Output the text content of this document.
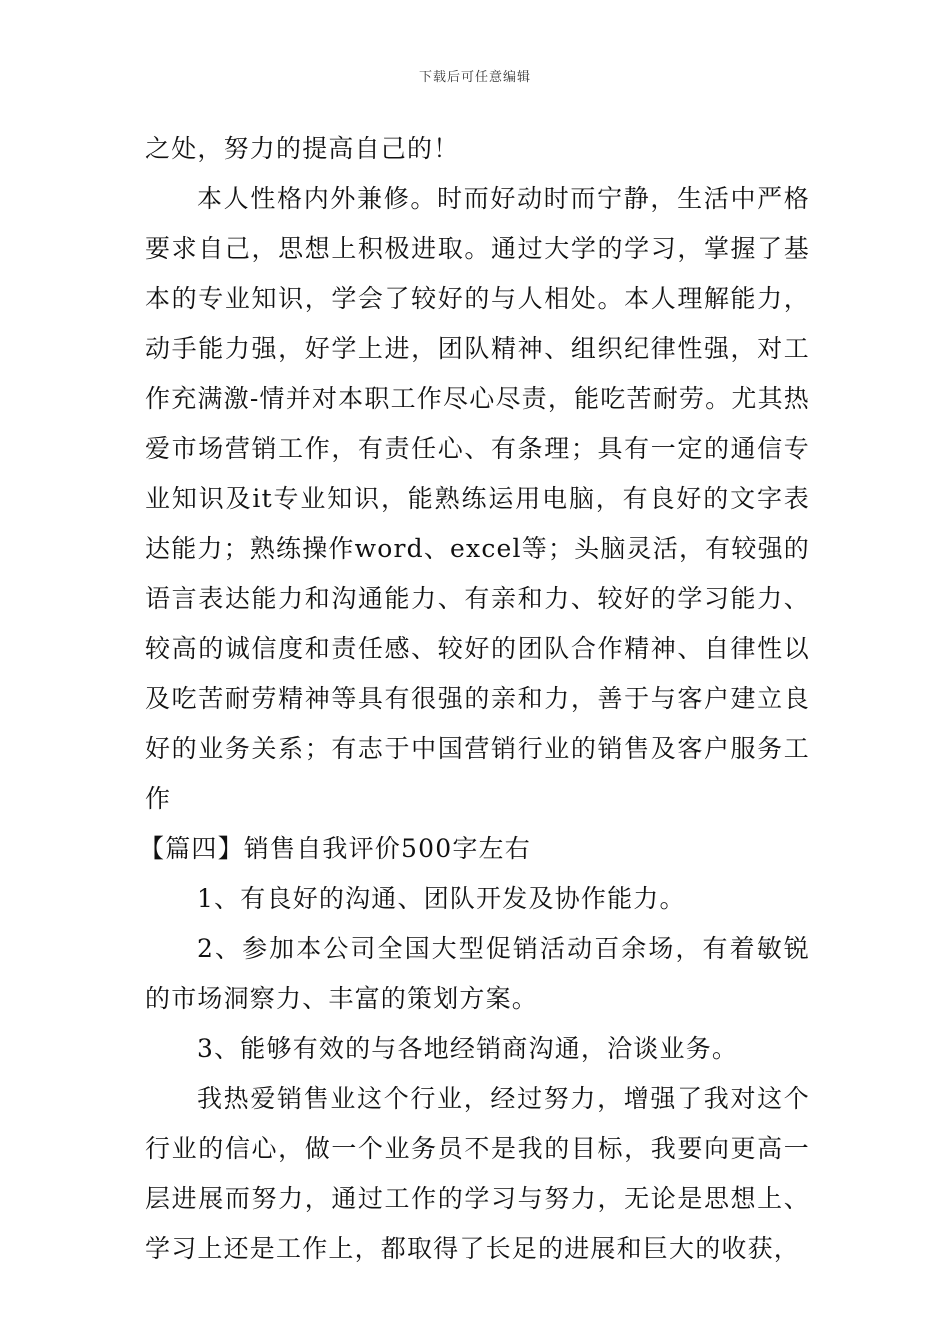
下载后可任意编辑

之处，努力的提高自己的！

本人性格内外兼修。时而好动时而宁静，生活中严格要求自己，思想上积极进取。通过大学的学习，掌握了基本的专业知识，学会了较好的与人相处。本人理解能力，动手能力强，好学上进，团队精神、组织纪律性强，对工作充满激-情并对本职工作尽心尽责，能吃苦耐劳。尤其热爱市场营销工作，有责任心、有条理；具有一定的通信专业知识及it专业知识，能熟练运用电脑，有良好的文字表达能力；熟练操作word、excel等；头脑灵活，有较强的语言表达能力和沟通能力、有亲和力、较好的学习能力、较高的诚信度和责任感、较好的团队合作精神、自律性以及吃苦耐劳精神等具有很强的亲和力，善于与客户建立良好的业务关系；有志于中国营销行业的销售及客户服务工作

【篇四】销售自我评价500字左右

1、有良好的沟通、团队开发及协作能力。

2、参加本公司全国大型促销活动百余场，有着敏锐的市场洞察力、丰富的策划方案。

3、能够有效的与各地经销商沟通，洽谈业务。

我热爱销售业这个行业，经过努力，增强了我对这个行业的信心，做一个业务员不是我的目标，我要向更高一层进展而努力，通过工作的学习与努力，无论是思想上、学习上还是工作上，都取得了长足的进展和巨大的收获，
